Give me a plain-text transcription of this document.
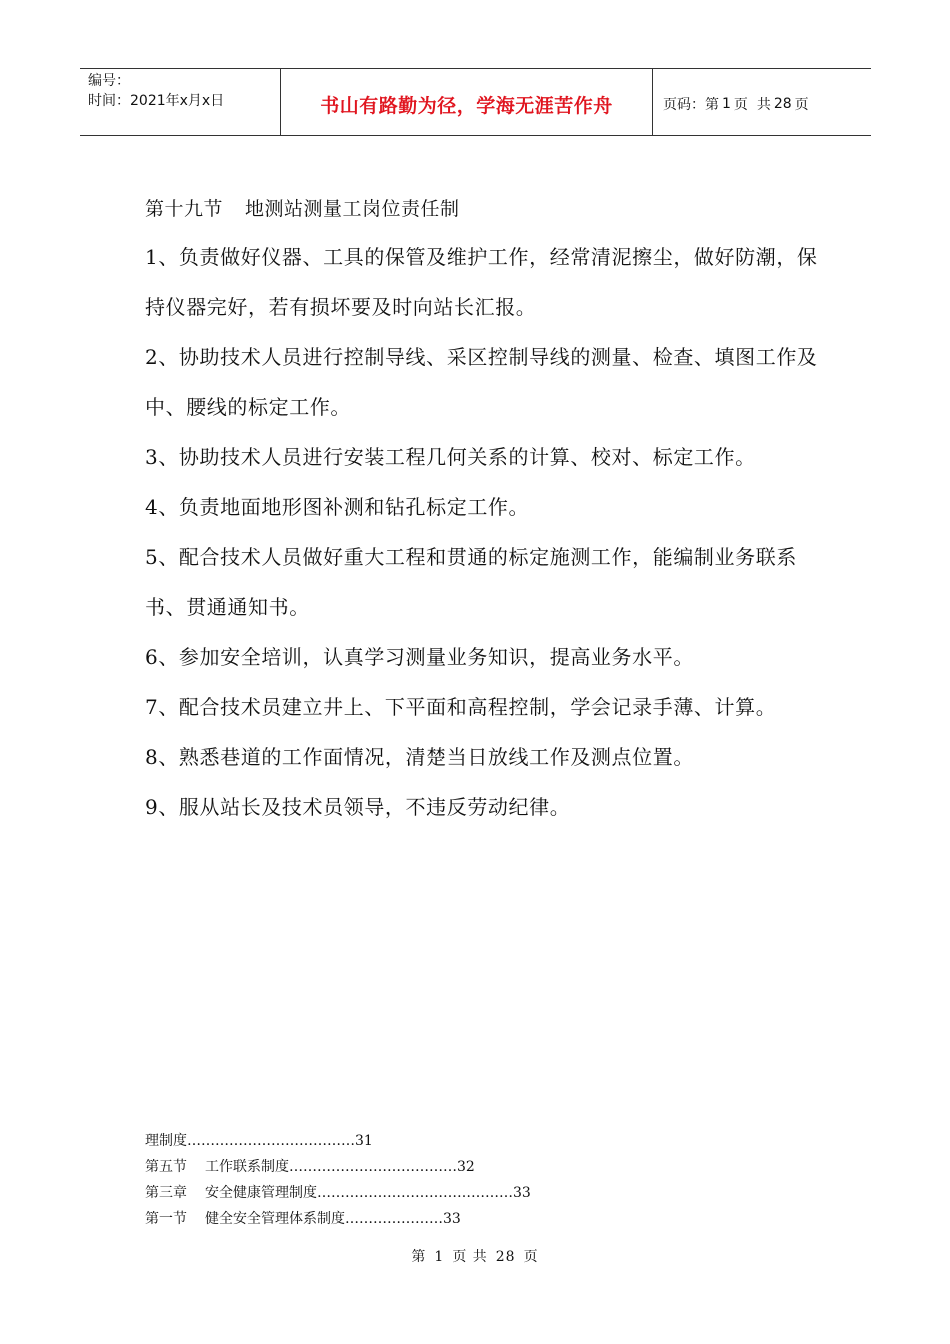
编号：
时间：2021年x月x日	书山有路勤为径，学海无涯苦作舟	页码：第 1 页  共 28 页

第十九节 地测站测量工岗位责任制

1、负责做好仪器、工具的保管及维护工作，经常清泥擦尘，做好防潮，保持仪器完好，若有损坏要及时向站长汇报。

2、协助技术人员进行控制导线、采区控制导线的测量、检查、填图工作及中、腰线的标定工作。

3、协助技术人员进行安装工程几何关系的计算、校对、标定工作。

4、负责地面地形图补测和钻孔标定工作。

5、配合技术人员做好重大工程和贯通的标定施测工作，能编制业务联系书、贯通通知书。

6、参加安全培训，认真学习测量业务知识，提高业务水平。

7、配合技术员建立井上、下平面和高程控制，学会记录手薄、计算。

8、熟悉巷道的工作面情况，清楚当日放线工作及测点位置。

9、服从站长及技术员领导，不违反劳动纪律。

理制度………………………………31
第五节 工作联系制度………………………………32
第三章 安全健康管理制度……………………………………33
第一节 健全安全管理体系制度…………………33
第 1 页 共 28 页
